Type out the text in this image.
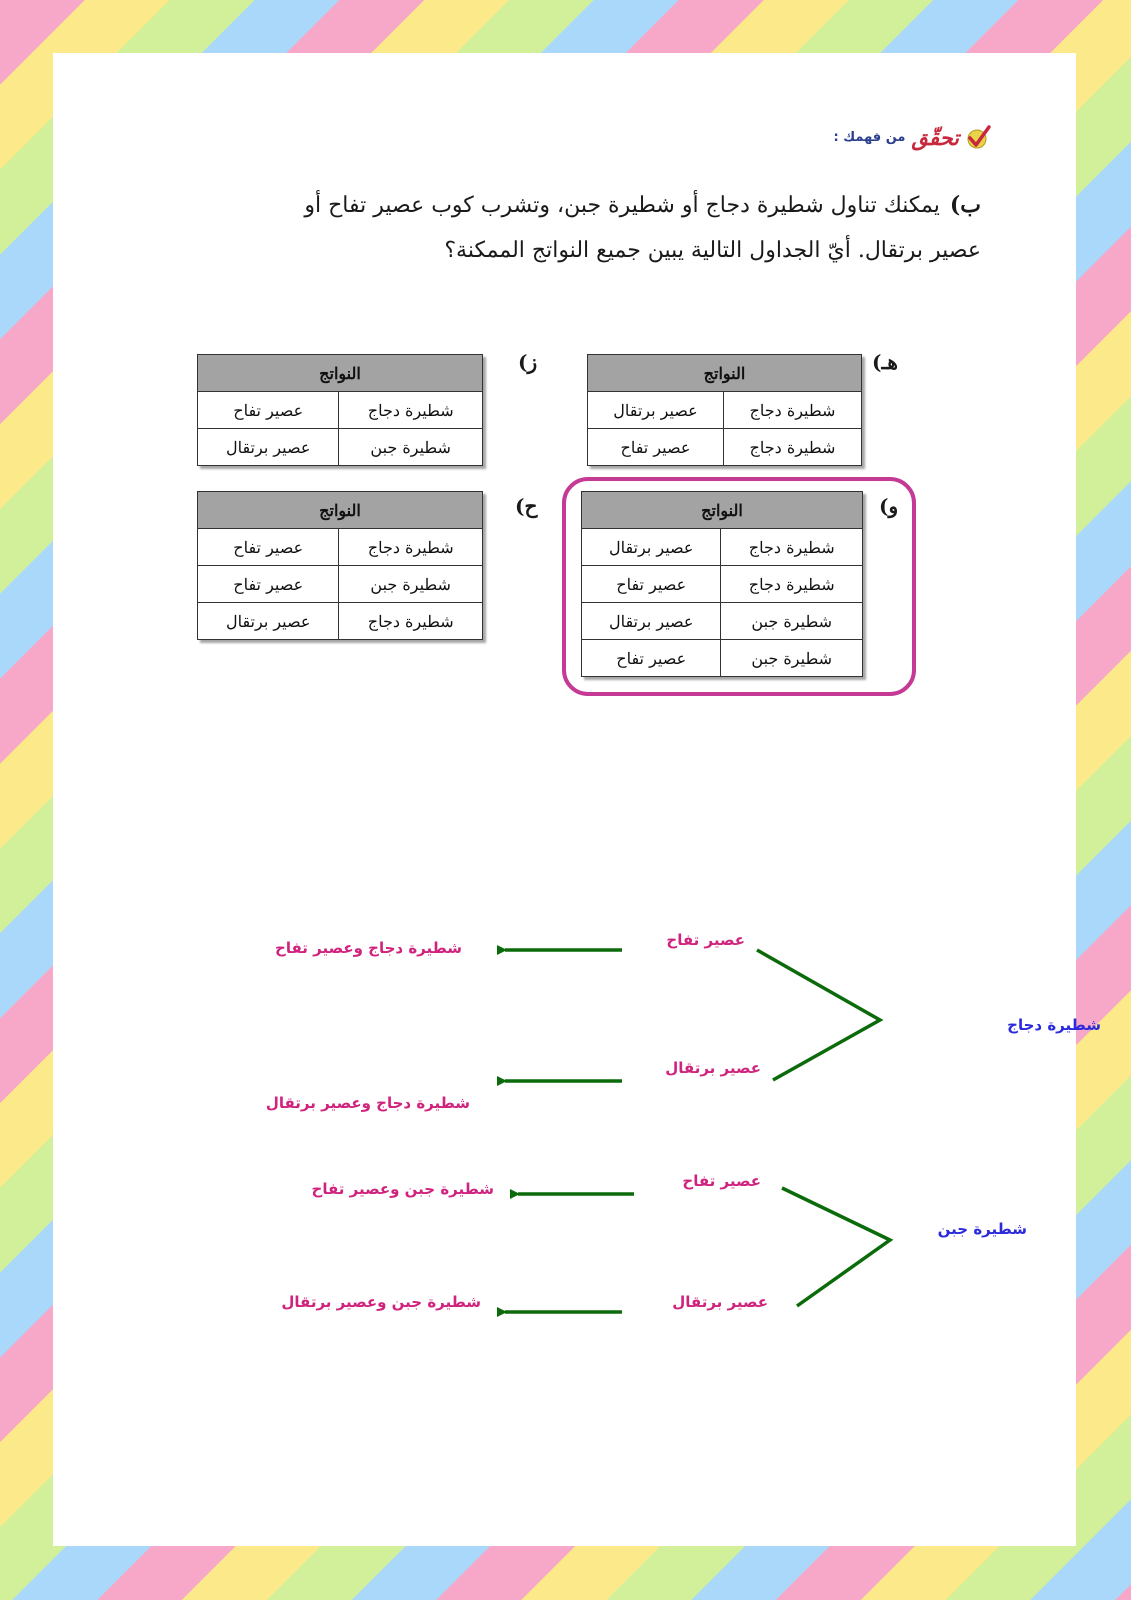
تحقّق
من فهمك :
ب)يمكنك تناول شطيرة دجاج أو شطيرة جبن، وتشرب كوب عصير تفاح أو عصير برتقال. أيّ الجداول التالية يبين جميع النواتج الممكنة؟
هـ)
النواتج	
شطيرة دجاج	عصير برتقال
شطيرة دجاج	عصير تفاح
ز)
النواتج	
شطيرة دجاج	عصير تفاح
شطيرة جبن	عصير برتقال
و)
النواتج	
شطيرة دجاج	عصير برتقال
شطيرة دجاج	عصير تفاح
شطيرة جبن	عصير برتقال
شطيرة جبن	عصير تفاح
ح)
النواتج	
شطيرة دجاج	عصير تفاح
شطيرة جبن	عصير تفاح
شطيرة دجاج	عصير برتقال
شطيرة دجاج
عصير تفاح
عصير برتقال
شطيرة دجاج وعصير تفاح
شطيرة دجاج وعصير برتقال
شطيرة جبن
عصير تفاح
عصير برتقال
شطيرة جبن وعصير تفاح
شطيرة جبن وعصير برتقال
